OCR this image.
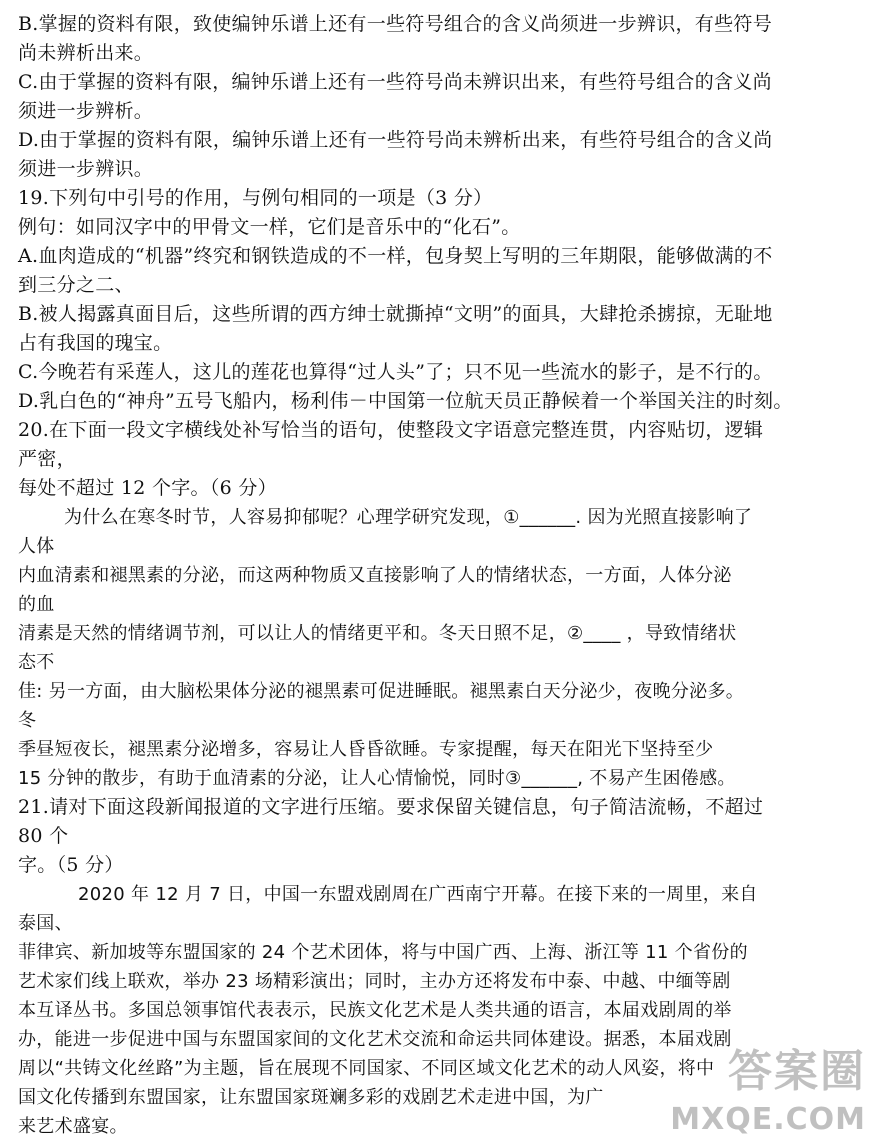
B.掌握的资料有限，致使编钟乐谱上还有一些符号组合的含义尚须进一步辨识，有些符号
尚未辨析出来。
C.由于掌握的资料有限，编钟乐谱上还有一些符号尚未辨识出来，有些符号组合的含义尚
须进一步辨析。
D.由于掌握的资料有限，编钟乐谱上还有一些符号尚未辨析出来，有些符号组合的含义尚
须进一步辨识。
19.下列句中引号的作用，与例句相同的一项是（3 分）
例句：如同汉字中的甲骨文一样，它们是音乐中的“化石”。
A.血肉造成的“机器”终究和钢铁造成的不一样，包身契上写明的三年期限，能够做满的不
到三分之二、
B.被人揭露真面目后，这些所谓的西方绅士就撕掉“文明”的面具，大肆抢杀掳掠，无耻地
占有我国的瑰宝。
C.今晚若有采莲人，这儿的莲花也算得“过人头”了；只不见一些流水的影子，是不行的。
D.乳白色的“神舟”五号飞船内，杨利伟－中国第一位航天员正静候着一个举国关注的时刻。
20.在下面一段文字横线处补写恰当的语句，使整段文字语意完整连贯，内容贴切，逻辑
严密，
每处不超过 12 个字。（6 分）
为什么在寒冬时节，人容易抑郁呢？心理学研究发现，①______. 因为光照直接影响了
人体
内血清素和褪黑素的分泌，而这两种物质又直接影响了人的情绪状态，一方面，人体分泌
的血
清素是天然的情绪调节剂，可以让人的情绪更平和。冬天日照不足，②____ ，导致情绪状
态不
佳: 另一方面，由大脑松果体分泌的褪黑素可促进睡眠。褪黑素白天分泌少，夜晚分泌多。
冬
季昼短夜长，褪黑素分泌增多，容易让人昏昏欲睡。专家提醒，每天在阳光下坚持至少
15 分钟的散步，有助于血清素的分泌，让人心情愉悦，同时③______, 不易产生困倦感。
21.请对下面这段新闻报道的文字进行压缩。要求保留关键信息，句子简洁流畅，不超过
80 个
字。（5 分）
2020 年 12 月 7 日，中国一东盟戏剧周在广西南宁开幕。在接下来的一周里，来自
泰国、
菲律宾、新加坡等东盟国家的 24 个艺术团体，将与中国广西、上海、浙江等 11 个省份的
艺术家们线上联欢，举办 23 场精彩演出；同时，主办方还将发布中泰、中越、中缅等剧
本互译丛书。多国总领事馆代表表示，民族文化艺术是人类共通的语言，本届戏剧周的举
办，能进一步促进中国与东盟国家间的文化艺术交流和命运共同体建设。据悉，本届戏剧
周以“共铸文化丝路”为主题，旨在展现不同国家、不同区域文化艺术的动人风姿，将中
国文化传播到东盟国家，让东盟国家斑斓多彩的戏剧艺术走进中国，为广
来艺术盛宴。
答案圈
MXQE.COM
